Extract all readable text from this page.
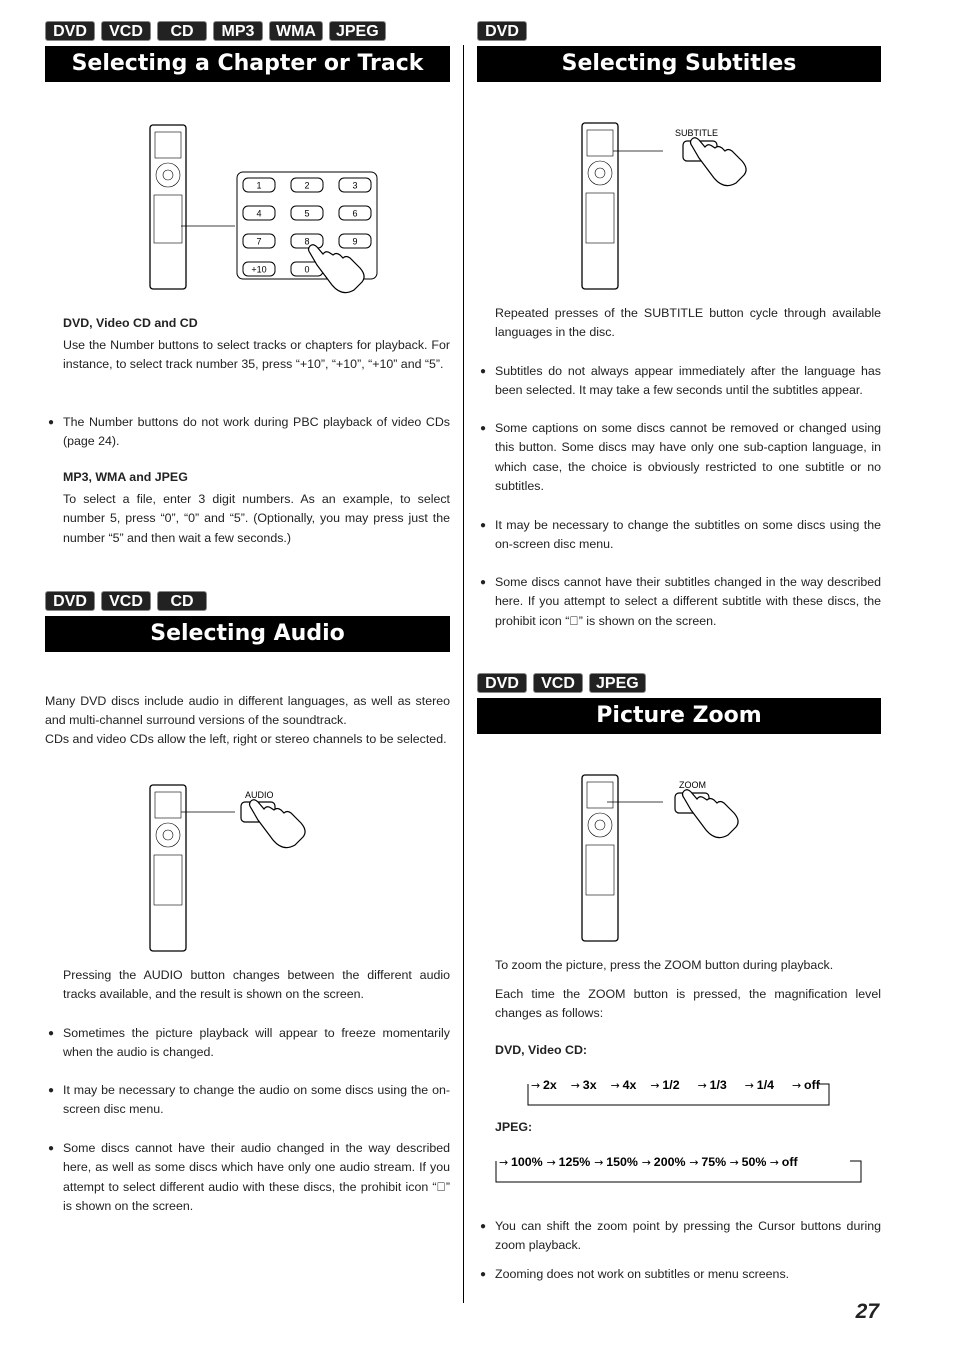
DVD	VCD	CD	MP3	WMA	JPEG
Selecting a Chapter or Track
1	2	3
4	5	6
7	8	9
+10	0
DVD, Video CD and CD
Use the Number buttons to select tracks or chapters for playback. For instance, to select track number 35, press “+10”, “+10”, “+10” and “5”.
● The Number buttons do not work during PBC playback of video CDs (page 24).
MP3, WMA and JPEG
To select a file, enter 3 digit numbers. As an example, to select number 5, press “0”, “0” and “5”. (Optionally, you may press just the number “5” and then wait a few seconds.)
DVD	VCD	CD
Selecting Audio
Many DVD discs include audio in different languages, as well as stereo and multi-channel surround versions of the soundtrack.
CDs and video CDs allow the left, right or stereo channels to be selected.
AUDIO
Pressing the AUDIO button changes between the different audio tracks available, and the result is shown on the screen.
● Sometimes the picture playback will appear to freeze momentarily when the audio is changed.
● It may be necessary to change the audio on some discs using the on-screen disc menu.
● Some discs cannot have their audio changed in the way described here, as well as some discs which have only one audio stream. If you attempt to select different audio with these discs, the prohibit icon “” is shown on the screen.
DVD
Selecting Subtitles
SUBTITLE
Repeated presses of the SUBTITLE button cycle through available languages in the disc.
● Subtitles do not always appear immediately after the language has been selected. It may take a few seconds until the subtitles appear.
● Some captions on some discs cannot be removed or changed using this button. Some discs may have only one sub-caption language, in which case, the choice is obviously restricted to one subtitle or no subtitles.
● It may be necessary to change the subtitles on some discs using the on-screen disc menu.
● Some discs cannot have their subtitles changed in the way described here. If you attempt to select a different subtitle with these discs, the prohibit icon “” is shown on the screen.
DVD	VCD	JPEG
Picture Zoom
ZOOM
To zoom the picture, press the ZOOM button during playback.
Each time the ZOOM button is pressed, the magnification level changes as follows:
DVD, Video CD:
→ 2x → 3x → 4x → 1/2 → 1/3 → 1/4 → off
JPEG:
→ 100% → 125% → 150% → 200% → 75% → 50% → off
● You can shift the zoom point by pressing the Cursor buttons during zoom playback.
● Zooming does not work on subtitles or menu screens.
27
